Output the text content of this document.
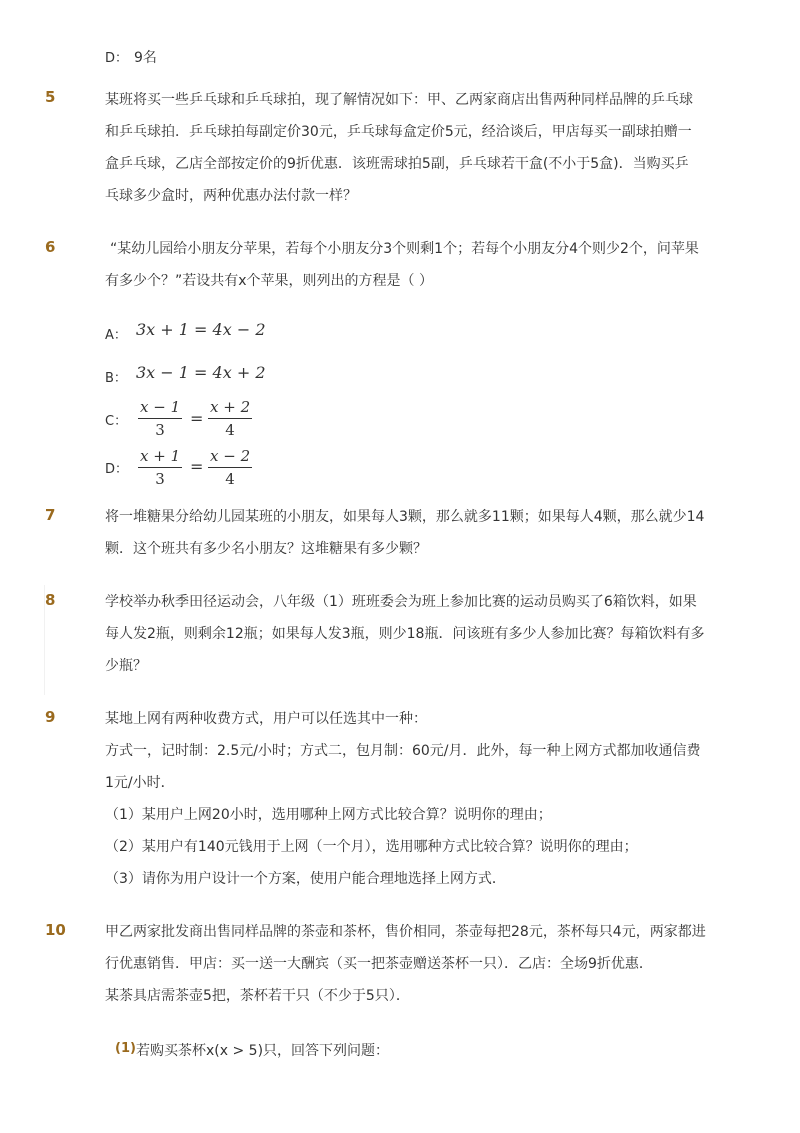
D： 9名
5	某班将买一些乒乓球和乒乓球拍，现了解情况如下：甲、乙两家商店出售两种同样品牌的乒乓球
和乒乓球拍．乒乓球拍每副定价30元，乒乓球每盒定价5元，经洽谈后，甲店每买一副球拍赠一
盒乒乓球，乙店全部按定价的9折优惠．该班需球拍5副，乒乓球若干盒(不小于5盒)．当购买乒
乓球多少盒时，两种优惠办法付款一样？
6	“某幼儿园给小朋友分苹果，若每个小朋友分3个则剩1个；若每个小朋友分4个则少2个，问苹果
有多少个？”若设共有x个苹果，则列出的方程是（ ）
A： 3x + 1 = 4x − 2
B： 3x − 1 = 4x + 2
C： $\frac{x - 1}{3} = \frac{x + 2}{4}$
D： $\frac{x + 1}{3} = \frac{x - 2}{4}$
7	将一堆糖果分给幼儿园某班的小朋友，如果每人3颗，那么就多11颗；如果每人4颗，那么就少14
颗．这个班共有多少名小朋友？这堆糖果有多少颗？
8	学校举办秋季田径运动会，八年级（1）班班委会为班上参加比赛的运动员购买了6箱饮料，如果
每人发2瓶，则剩余12瓶；如果每人发3瓶，则少18瓶．问该班有多少人参加比赛？每箱饮料有多
少瓶？
9	某地上网有两种收费方式，用户可以任选其中一种：
方式一，记时制：2.5元/小时；方式二，包月制：60元/月．此外，每一种上网方式都加收通信费
1元/小时．
（1）某用户上网20小时，选用哪种上网方式比较合算？说明你的理由；
（2）某用户有140元钱用于上网（一个月），选用哪种方式比较合算？说明你的理由；
（3）请你为用户设计一个方案，使用户能合理地选择上网方式．
10	甲乙两家批发商出售同样品牌的茶壶和茶杯，售价相同，茶壶每把28元，茶杯每只4元，两家都进
行优惠销售．甲店：买一送一大酬宾（买一把茶壶赠送茶杯一只）．乙店：全场9折优惠．
某茶具店需茶壶5把，茶杯若干只（不少于5只）．
(1) 若购买茶杯x(x > 5)只，回答下列问题：
